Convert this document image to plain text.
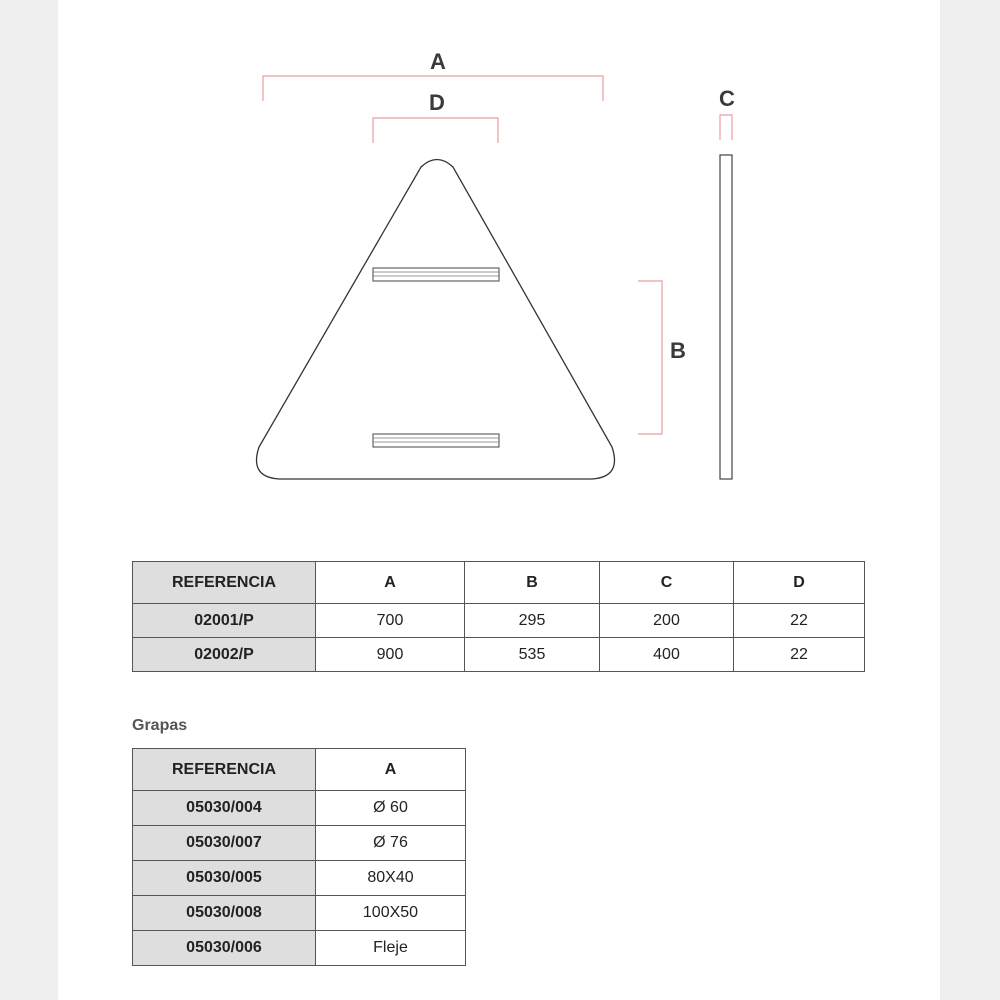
A
D
B
C
REFERENCIA	A	B	C	D
02001/P	700	295	200	22
02002/P	900	535	400	22
Grapas
REFERENCIA	A
05030/004	Ø 60
05030/007	Ø 76
05030/005	80X40
05030/008	100X50
05030/006	Fleje
